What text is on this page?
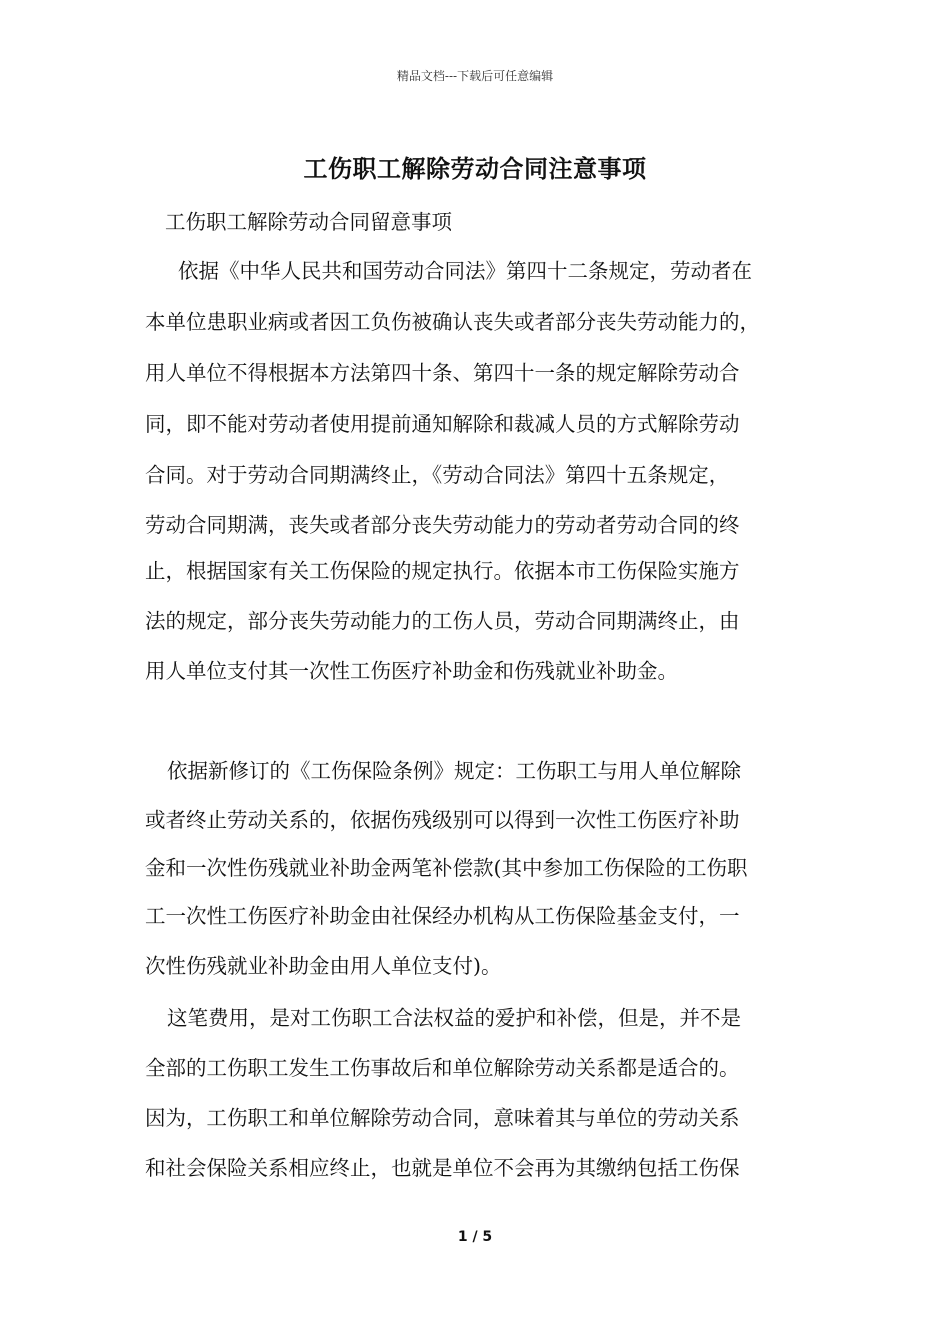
精品文档---下载后可任意编辑
工伤职工解除劳动合同注意事项

工伤职工解除劳动合同留意事项

依据《中华人民共和国劳动合同法》第四十二条规定，劳动者在

本单位患职业病或者因工负伤被确认丧失或者部分丧失劳动能力的，

用人单位不得根据本方法第四十条、第四十一条的规定解除劳动合

同，即不能对劳动者使用提前通知解除和裁减人员的方式解除劳动

合同。对于劳动合同期满终止，《劳动合同法》第四十五条规定，

劳动合同期满，丧失或者部分丧失劳动能力的劳动者劳动合同的终

止，根据国家有关工伤保险的规定执行。依据本市工伤保险实施方

法的规定，部分丧失劳动能力的工伤人员，劳动合同期满终止，由

用人单位支付其一次性工伤医疗补助金和伤残就业补助金。

依据新修订的《工伤保险条例》规定：工伤职工与用人单位解除

或者终止劳动关系的，依据伤残级别可以得到一次性工伤医疗补助

金和一次性伤残就业补助金两笔补偿款(其中参加工伤保险的工伤职

工一次性工伤医疗补助金由社保经办机构从工伤保险基金支付，一

次性伤残就业补助金由用人单位支付)。

这笔费用，是对工伤职工合法权益的爱护和补偿，但是，并不是

全部的工伤职工发生工伤事故后和单位解除劳动关系都是适合的。

因为，工伤职工和单位解除劳动合同，意味着其与单位的劳动关系

和社会保险关系相应终止，也就是单位不会再为其缴纳包括工伤保

1 / 5
